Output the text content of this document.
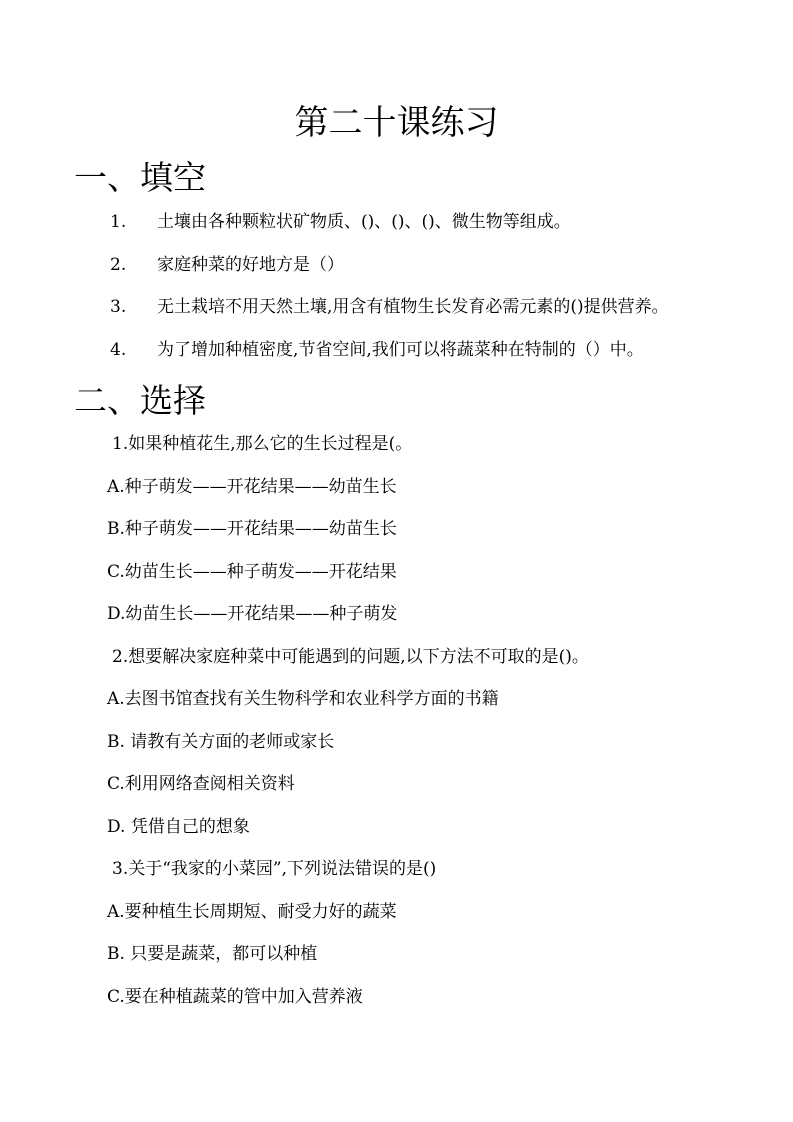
第二十课练习
一、填空
1. 土壤由各种颗粒状矿物质、()、()、()、微生物等组成。
2. 家庭种菜的好地方是（）
3. 无土栽培不用天然土壤,用含有植物生长发育必需元素的()提供营养。
4. 为了增加种植密度,节省空间,我们可以将蔬菜种在特制的（）中。
二、选择
1.如果种植花生,那么它的生长过程是(。
A.种子萌发——开花结果——幼苗生长
B.种子萌发——开花结果——幼苗生长
C.幼苗生长——种子萌发——开花结果
D.幼苗生长——开花结果——种子萌发
2.想要解决家庭种菜中可能遇到的问题,以下方法不可取的是()。
A.去图书馆查找有关生物科学和农业科学方面的书籍
B. 请教有关方面的老师或家长
C.利用网络查阅相关资料
D. 凭借自己的想象
3.关于“我家的小菜园”,下列说法错误的是()
A.要种植生长周期短、耐受力好的蔬菜
B. 只要是蔬菜，都可以种植
C.要在种植蔬菜的管中加入营养液
